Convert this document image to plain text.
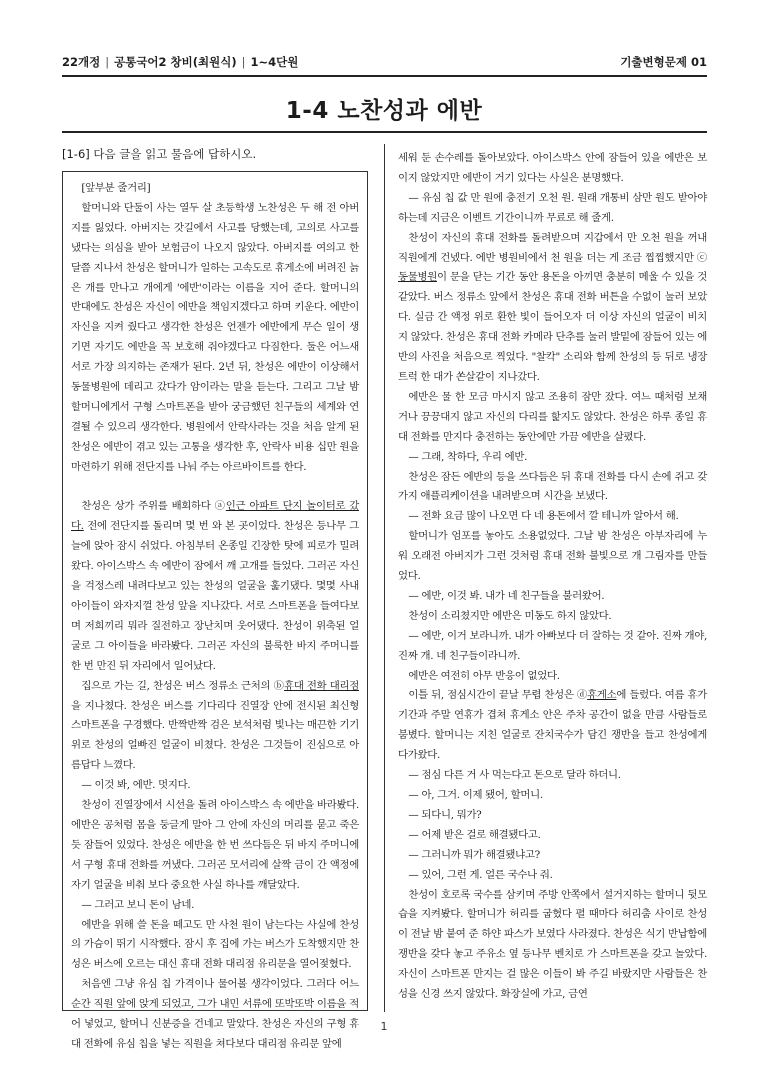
22개정 | 공통국어2 창비(최원식) | 1~4단원	기출변형문제 01
1-4 노찬성과 에반
[1-6] 다음 글을 읽고 물음에 답하시오.

[앞부분 줄거리]

할머니와 단둘이 사는 열두 살 초등학생 노찬성은 두 해 전 아버지를 잃었다. 아버지는 갓길에서 사고를 당했는데, 고의로 사고를 냈다는 의심을 받아 보험금이 나오지 않았다. 아버지를 여의고 한 달쯤 지나서 찬성은 할머니가 일하는 고속도로 휴게소에 버려진 늙은 개를 만나고 개에게 '에반'이라는 이름을 지어 준다. 할머니의 반대에도 찬성은 자신이 에반을 책임지겠다고 하며 키운다. 에반이 자신을 지켜 줬다고 생각한 찬성은 언젠가 에반에게 무슨 일이 생기면 자기도 에반을 꼭 보호해 줘야겠다고 다짐한다. 둘은 어느새 서로 가장 의지하는 존재가 된다. 2년 뒤, 찬성은 에반이 이상해서 동물병원에 데리고 갔다가 암이라는 말을 듣는다. 그리고 그날 밤 할머니에게서 구형 스마트폰을 받아 궁금했던 친구들의 세계와 연결될 수 있으리 생각한다. 병원에서 안락사라는 것을 처음 알게 된 찬성은 에반이 겪고 있는 고통을 생각한 후, 안락사 비용 십만 원을 마련하기 위해 전단지를 나눠 주는 아르바이트를 한다.

찬성은 상가 주위를 배회하다 ⓐ인근 아파트 단지 놀이터로 갔다. 전에 전단지를 돌리며 몇 번 와 본 곳이었다. 찬성은 등나무 그늘에 앉아 잠시 쉬었다. 아침부터 온종일 긴장한 탓에 피로가 밀려왔다. 아이스박스 속 에반이 잠에서 깨 고개를 들었다. 그러곤 자신을 걱정스레 내려다보고 있는 찬성의 얼굴을 훑기댔다. 몇몇 사내아이들이 와자지껄 찬성 앞을 지나갔다. 서로 스마트폰을 들여다보며 저희끼리 뭐라 질전하고 장난치며 웃어댔다. 찬성이 위축된 얼굴로 그 아이들을 바라봤다. 그러곤 자신의 불룩한 바지 주머니를 한 번 만진 뒤 자리에서 일어났다.

집으로 가는 길, 찬성은 버스 정류소 근처의 ⓑ휴대 전화 대리점을 지나쳤다. 찬성은 버스를 기다리다 진열장 안에 전시된 최신형 스마트폰을 구경했다. 반짝반짝 검은 보석처럼 빛나는 매끈한 기기 위로 찬성의 얼빠진 얼굴이 비쳤다. 찬성은 그것들이 진심으로 아름답다 느꼈다.

— 이것 봐, 에반. 멋지다.

찬성이 진열장에서 시선을 돌려 아이스박스 속 에반을 바라봤다. 에반은 공처럼 몸을 둥글게 말아 그 안에 자신의 머리를 묻고 죽은 듯 잠들어 있었다. 찬성은 에반을 한 번 쓰다듬은 뒤 바지 주머니에서 구형 휴대 전화를 꺼냈다. 그러곤 모서리에 살짝 금이 간 액정에 자기 얼굴을 비춰 보다 중요한 사실 하나를 깨달았다.

— 그러고 보니 돈이 남네.

에반을 위해 쓸 돈을 떼고도 만 사천 원이 남는다는 사실에 찬성의 가슴이 뛰기 시작했다. 잠시 후 집에 가는 버스가 도착했지만 찬성은 버스에 오르는 대신 휴대 전화 대리점 유리문을 열어젖혔다.

처음엔 그냥 유심 칩 가격이나 물어볼 생각이었다. 그러다 어느 순간 직원 앞에 앉게 되었고, 그가 내민 서류에 또박또박 이름을 적어 넣었고, 할머니 신분증을 건네고 말았다. 찬성은 자신의 구형 휴대 전화에 유심 칩을 넣는 직원을 쳐다보다 대리점 유리문 앞에

세워 둔 손수레를 돌아보았다. 아이스박스 안에 잠들어 있을 에반은 보이지 않았지만 에반이 거기 있다는 사실은 분명했다.

— 유심 칩 값 만 원에 충전기 오천 원. 원래 개통비 삼만 원도 받아야 하는데 지금은 이벤트 기간이니까 무료로 해 줄게.

찬성이 자신의 휴대 전화를 돌려받으며 지갑에서 만 오천 원을 꺼내 직원에게 건넸다. 에반 병원비에서 천 원을 더는 게 조금 찝찝했지만 ⓒ동물병원이 문을 닫는 기간 동안 용돈을 아끼면 충분히 메울 수 있을 것 같았다. 버스 정류소 앞에서 찬성은 휴대 전화 버튼을 수없이 눌러 보았다. 실금 간 액정 위로 환한 빛이 들어오자 더 이상 자신의 얼굴이 비치지 않았다. 찬성은 휴대 전화 카메라 단추를 눌러 발밑에 잠들어 있는 에반의 사진을 처음으로 찍었다. "찰칵" 소리와 함께 찬성의 등 뒤로 냉장 트럭 한 대가 쏜살같이 지나갔다.

에반은 물 한 모금 마시지 않고 조용히 잠만 잤다. 여느 때처럼 보채거나 끙끙대지 않고 자신의 다리를 핥지도 않았다. 찬성은 하루 종일 휴대 전화를 만지다 충전하는 동안에만 가끔 에반을 살폈다.

— 그래, 착하다, 우리 에반.

찬성은 잠든 에반의 등을 쓰다듬은 뒤 휴대 전화를 다시 손에 쥐고 갖가지 애플리케이션을 내려받으며 시간을 보냈다.

— 전화 요금 많이 나오면 다 네 용돈에서 깔 테니까 알아서 해.

할머니가 엄포를 놓아도 소용없었다. 그날 밤 찬성은 아부자리에 누워 오래전 아버지가 그런 것처럼 휴대 전화 불빛으로 개 그림자를 만들었다.

— 에반, 이것 봐. 내가 네 친구들을 불러왔어.

찬성이 소리쳤지만 에반은 미동도 하지 않았다.

— 에반, 이거 보라니까. 내가 아빠보다 더 잘하는 것 같아. 진짜 개야, 진짜 개. 네 친구들이라니까.

에반은 여전히 아무 반응이 없었다.

이틀 뒤, 점심시간이 끝날 무렵 찬성은 ⓓ휴게소에 들렀다. 여름 휴가 기간과 주말 연휴가 겹쳐 휴게소 안은 주차 공간이 없을 만큼 사람들로 붐볐다. 할머니는 지친 얼굴로 잔치국수가 담긴 쟁반을 들고 찬성에게 다가왔다.

— 점심 다른 거 사 먹는다고 돈으로 달라 하더니.

— 아, 그거. 이제 됐어, 할머니.

— 되다니, 뭐가?

— 어제 받은 걸로 해결됐다고.

— 그러니까 뭐가 해결됐냐고?

— 있어, 그런 게. 얼른 국수나 줘.

찬성이 호로록 국수를 삼키며 주방 안쪽에서 설거지하는 할머니 뒷모습을 지켜봤다. 할머니가 허리를 굽혔다 펼 때마다 허리춤 사이로 찬성이 전날 밤 붙여 준 하얀 파스가 보였다 사라졌다. 찬성은 식기 반납함에 쟁반을 갖다 놓고 주유소 옆 등나무 벤치로 가 스마트폰을 갖고 놀았다. 자신이 스마트폰 만지는 걸 많은 이들이 봐 주길 바랐지만 사람들은 찬성을 신경 쓰지 않았다. 화장실에 가고, 금연

1
